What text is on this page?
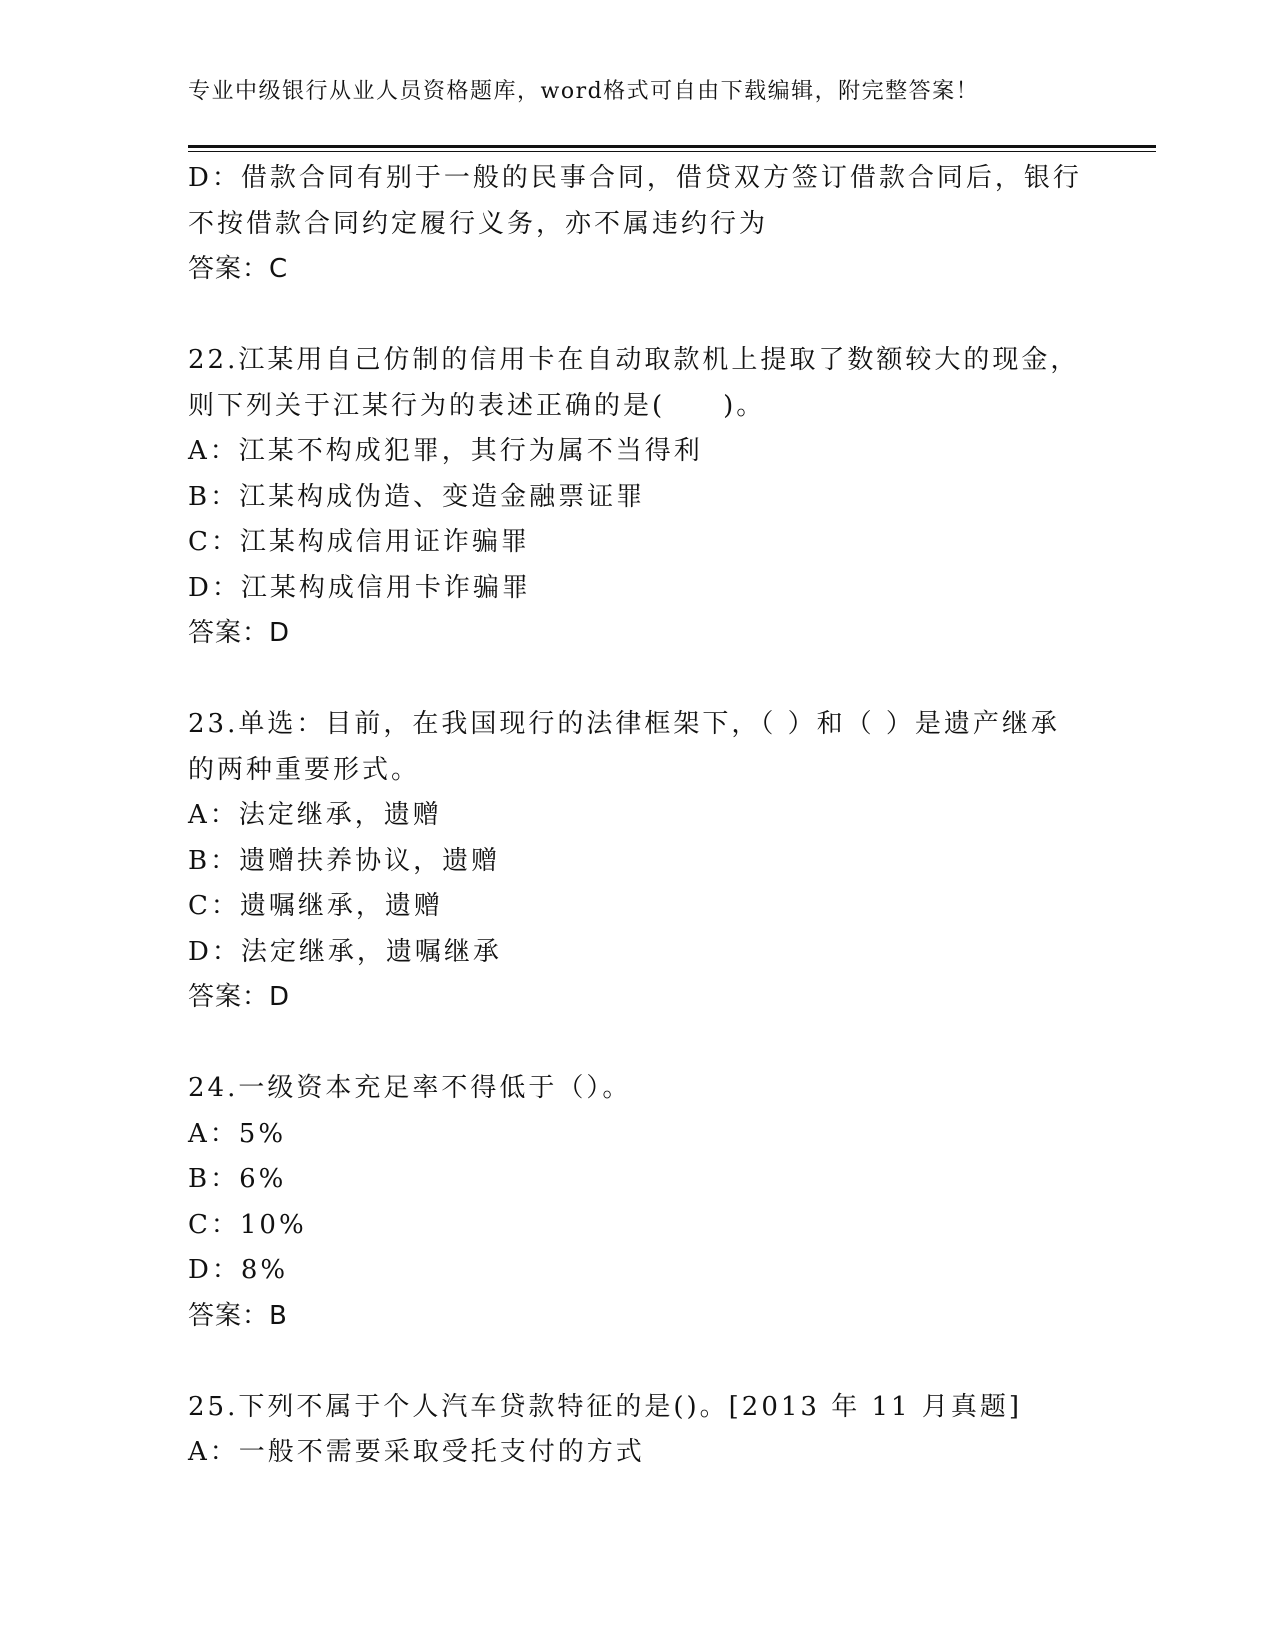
专业中级银行从业人员资格题库，word格式可自由下载编辑，附完整答案！
D：借款合同有别于一般的民事合同，借贷双方签订借款合同后，银行
不按借款合同约定履行义务，亦不属违约行为
答案：C
22.江某用自己仿制的信用卡在自动取款机上提取了数额较大的现金，
则下列关于江某行为的表述正确的是(　　)。
A：江某不构成犯罪，其行为属不当得利
B：江某构成伪造、变造金融票证罪
C：江某构成信用证诈骗罪
D：江某构成信用卡诈骗罪
答案：D
23.单选：目前，在我国现行的法律框架下，（ ）和（ ）是遗产继承
的两种重要形式。
A：法定继承，遗赠
B：遗赠扶养协议，遗赠
C：遗嘱继承，遗赠
D：法定继承，遗嘱继承
答案：D
24.一级资本充足率不得低于（）。
A：5%
B：6%
C：10%
D：8%
答案：B
25.下列不属于个人汽车贷款特征的是()。[2013 年 11 月真题]
A：一般不需要采取受托支付的方式
